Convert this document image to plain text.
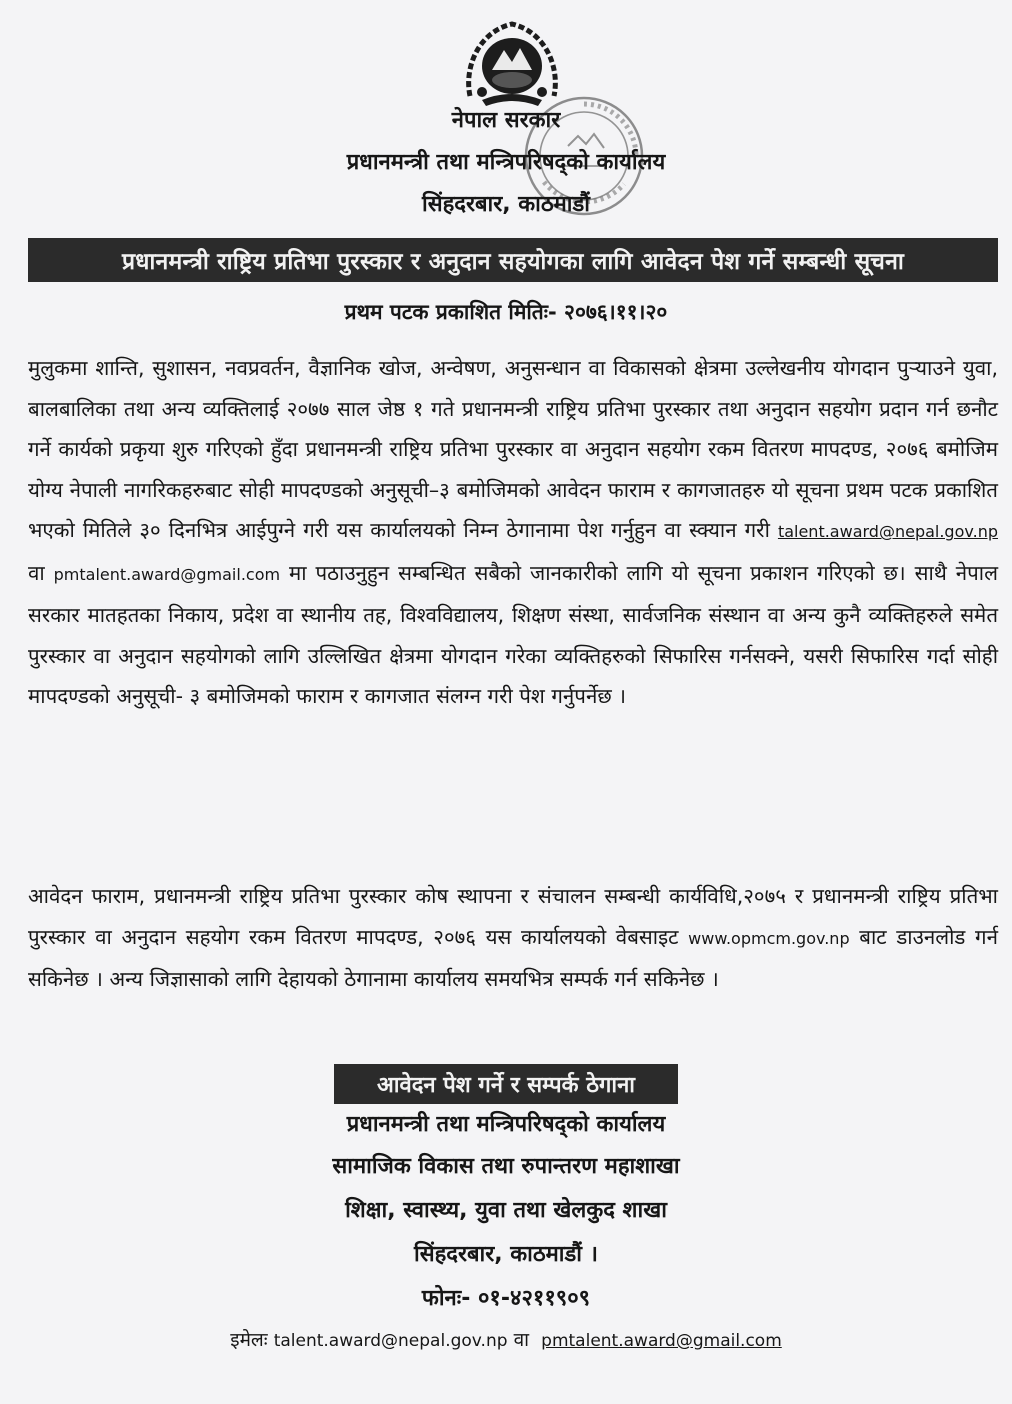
नेपाल सरकार
प्रधानमन्त्री तथा मन्त्रिपरिषद्को कार्यालय
सिंहदरबार, काठमाडौं
प्रधानमन्त्री राष्ट्रिय प्रतिभा पुरस्कार र अनुदान सहयोगका लागि आवेदन पेश गर्ने सम्बन्धी सूचना
प्रथम पटक प्रकाशित मितिः- २०७६।११।२०

मुलुकमा शान्ति, सुशासन, नवप्रवर्तन, वैज्ञानिक खोज, अन्वेषण, अनुसन्धान वा विकासको क्षेत्रमा उल्लेखनीय योगदान पुऱ्याउने युवा, बालबालिका तथा अन्य व्यक्तिलाई २०७७ साल जेष्ठ १ गते प्रधानमन्त्री राष्ट्रिय प्रतिभा पुरस्कार तथा अनुदान सहयोग प्रदान गर्न छनौट गर्ने कार्यको प्रकृया शुरु गरिएको हुँदा प्रधानमन्त्री राष्ट्रिय प्रतिभा पुरस्कार वा अनुदान सहयोग रकम वितरण मापदण्ड, २०७६ बमोजिम योग्य नेपाली नागरिकहरुबाट सोही मापदण्डको अनुसूची–३ बमोजिमको आवेदन फाराम र कागजातहरु यो सूचना प्रथम पटक प्रकाशित भएको मितिले ३० दिनभित्र आईपुग्ने गरी यस कार्यालयको निम्न ठेगानामा पेश गर्नुहुन वा स्क्यान गरी talent.award@nepal.gov.np वा pmtalent.award@gmail.com मा पठाउनुहुन सम्बन्धित सबैको जानकारीको लागि यो सूचना प्रकाशन गरिएको छ। साथै नेपाल सरकार मातहतका निकाय, प्रदेश वा स्थानीय तह, विश्वविद्यालय, शिक्षण संस्था, सार्वजनिक संस्थान वा अन्य कुनै व्यक्तिहरुले समेत पुरस्कार वा अनुदान सहयोगको लागि उल्लिखित क्षेत्रमा योगदान गरेका व्यक्तिहरुको सिफारिस गर्नसक्ने, यसरी सिफारिस गर्दा सोही मापदण्डको अनुसूची- ३ बमोजिमको फाराम र कागजात संलग्न गरी पेश गर्नुपर्नेछ ।

आवेदन फाराम, प्रधानमन्त्री राष्ट्रिय प्रतिभा पुरस्कार कोष स्थापना र संचालन सम्बन्धी कार्यविधि,२०७५ र प्रधानमन्त्री राष्ट्रिय प्रतिभा पुरस्कार वा अनुदान सहयोग रकम वितरण मापदण्ड, २०७६ यस कार्यालयको वेबसाइट www.opmcm.gov.np बाट डाउनलोड गर्न सकिनेछ । अन्य जिज्ञासाको लागि देहायको ठेगानामा कार्यालय समयभित्र सम्पर्क गर्न सकिनेछ ।

आवेदन पेश गर्ने र सम्पर्क ठेगाना
प्रधानमन्त्री तथा मन्त्रिपरिषद्को कार्यालय
सामाजिक विकास तथा रुपान्तरण महाशाखा
शिक्षा, स्वास्थ्य, युवा तथा खेलकुद शाखा
सिंहदरबार, काठमाडौं ।
फोनः- ०१-४२११९०९
इमेलः talent.award@nepal.gov.np वा pmtalent.award@gmail.com
